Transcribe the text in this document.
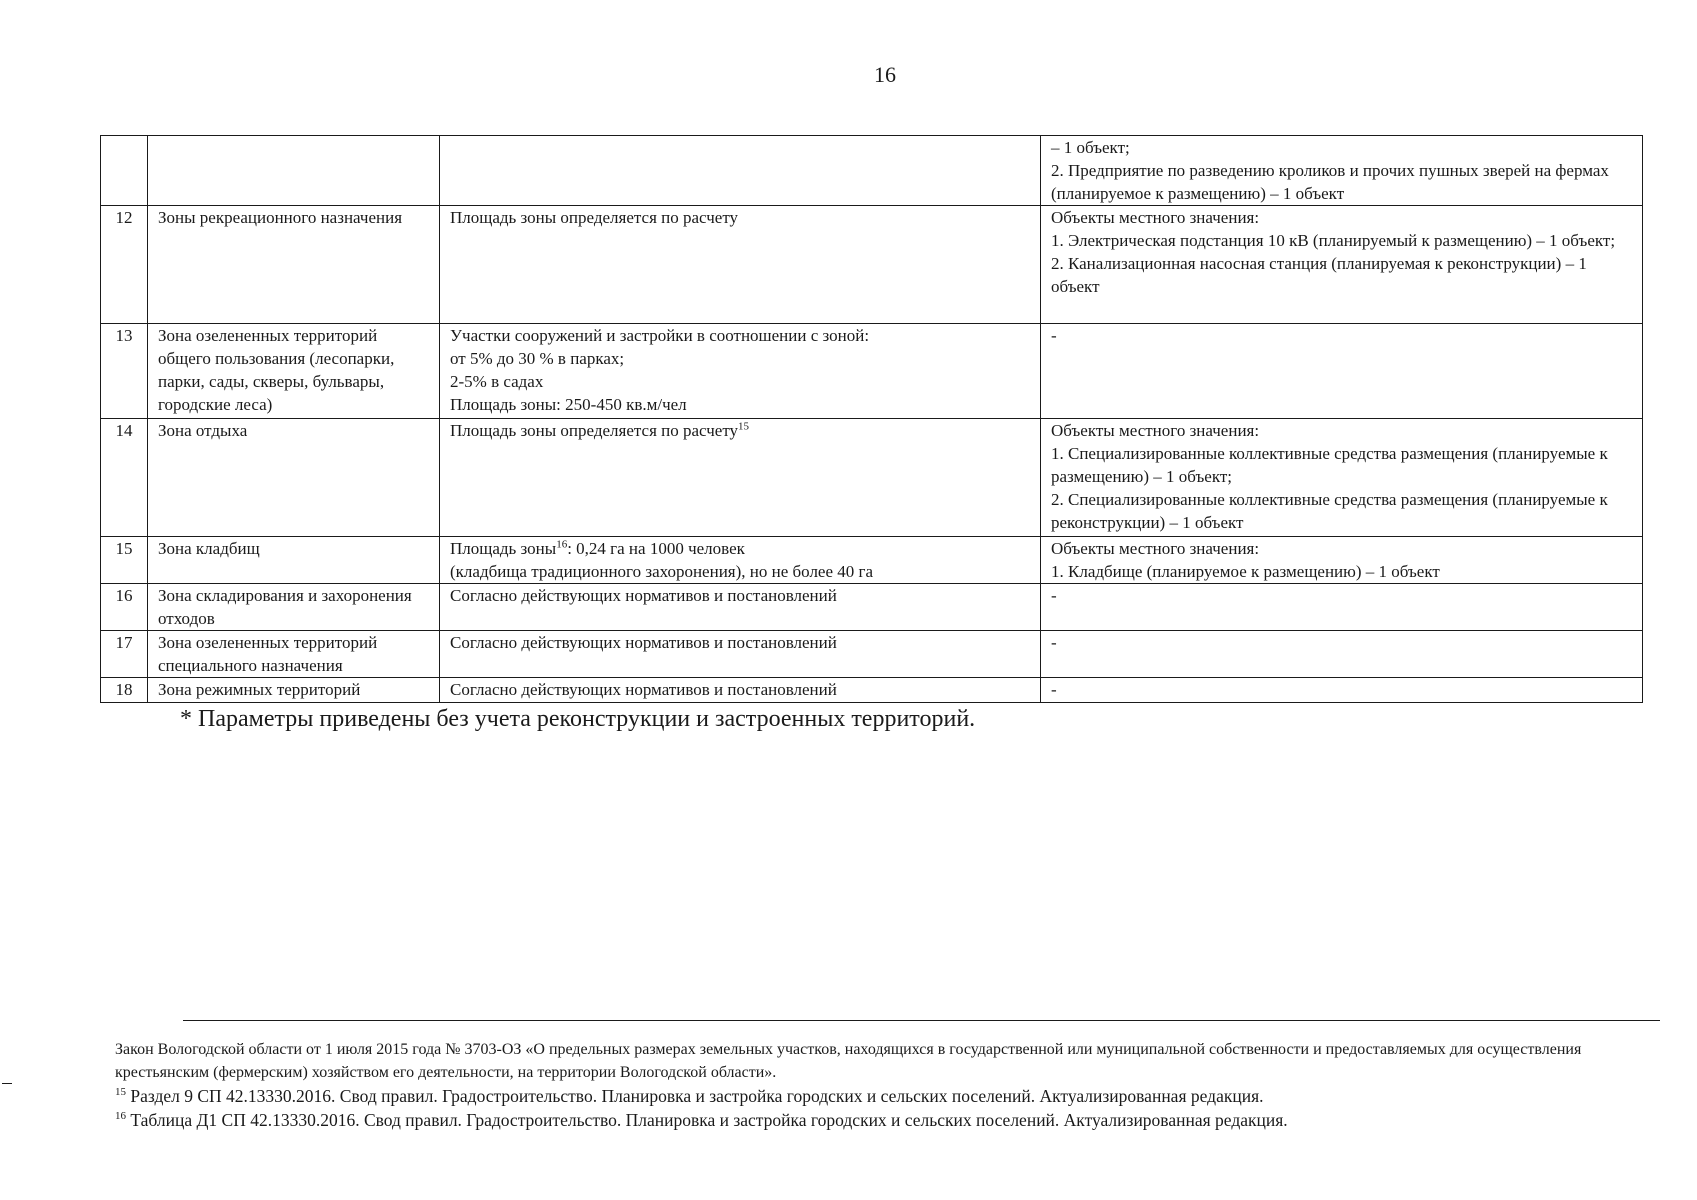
16

			– 1 объект;
2. Предприятие по разведению кроликов и прочих пушных зверей на фермах (планируемое к размещению) – 1 объект

12	Зоны рекреационного назначения	Площадь зоны определяется по расчету	Объекты местного значения:
1. Электрическая подстанция 10 кВ (планируемый к размещению) – 1 объект;
2. Канализационная насосная станция (планируемая к реконструкции) – 1 объект

13	Зона озелененных территорий общего пользования (лесопарки, парки, сады, скверы, бульвары, городские леса)	Участки сооружений и застройки в соотношении с зоной:
от 5% до 30 % в парках;
2-5% в садах
Площадь зоны: 250-450 кв.м/чел	-

14	Зона отдыха	Площадь зоны определяется по расчету$^{15}$	Объекты местного значения:
1. Специализированные коллективные средства размещения (планируемые к размещению) – 1 объект;
2. Специализированные коллективные средства размещения (планируемые к реконструкции) – 1 объект

15	Зона кладбищ	Площадь зоны$^{16}$: 0,24 га на 1000 человек
(кладбища традиционного захоронения), но не более 40 га	Объекты местного значения:
1. Кладбище (планируемое к размещению) – 1 объект

16	Зона складирования и захоронения отходов	Согласно действующих нормативов и постановлений	-

17	Зона озелененных территорий специального назначения	Согласно действующих нормативов и постановлений	-

18	Зона режимных территорий	Согласно действующих нормативов и постановлений	-
* Параметры приведены без учета реконструкции и застроенных территорий.
Закон Вологодской области от 1 июля 2015 года № 3703-ОЗ «О предельных размерах земельных участков, находящихся в государственной или муниципальной собственности и предоставляемых для осуществления крестьянским (фермерским) хозяйством его деятельности, на территории Вологодской области».
$^{15}$ Раздел 9 СП 42.13330.2016. Свод правил. Градостроительство. Планировка и застройка городских и сельских поселений. Актуализированная редакция.
$^{16}$ Таблица Д1 СП 42.13330.2016. Свод правил. Градостроительство. Планировка и застройка городских и сельских поселений. Актуализированная редакция.
